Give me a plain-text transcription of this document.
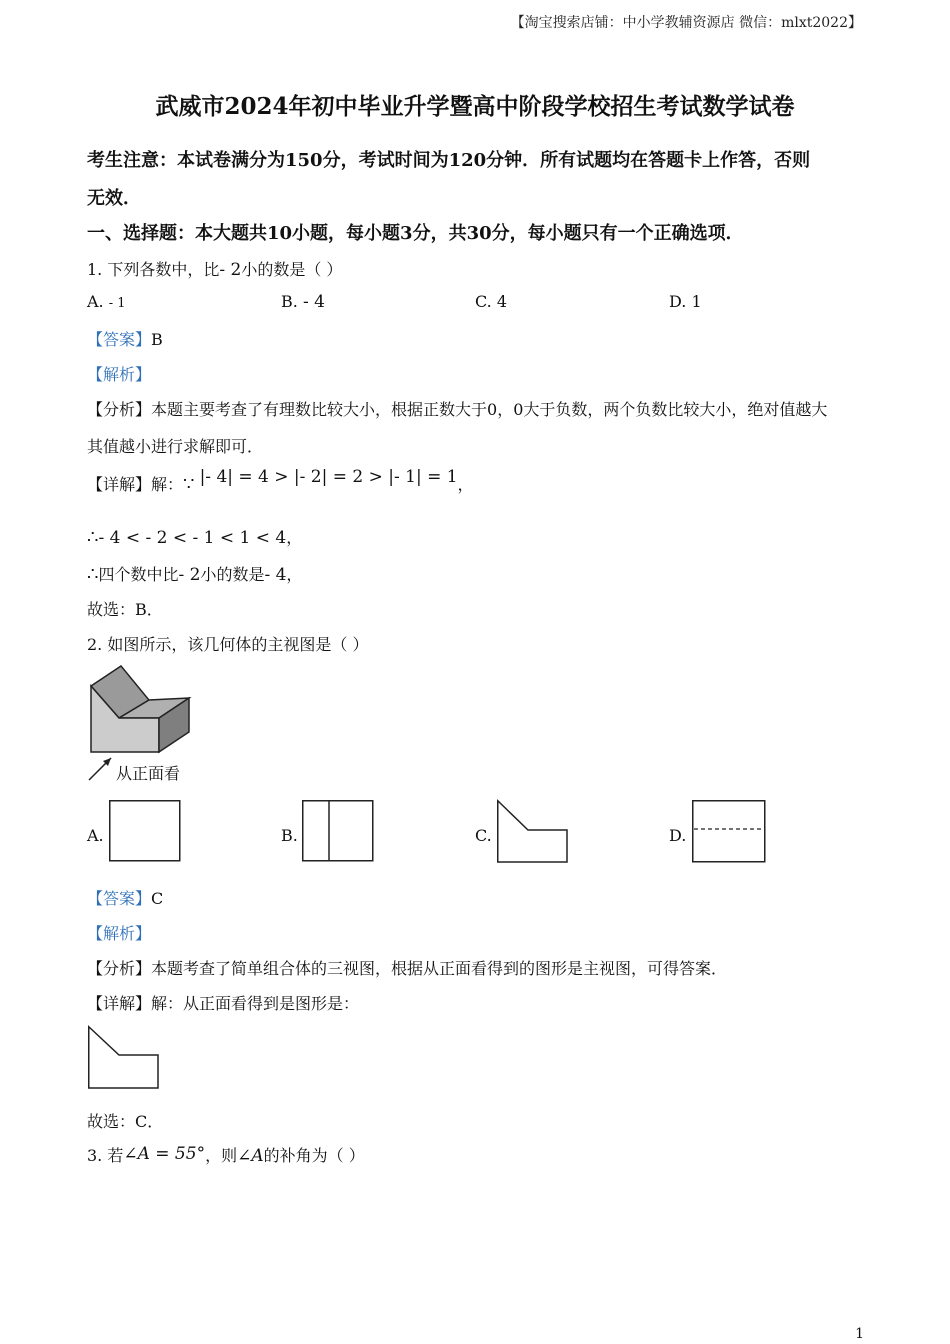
【淘宝搜索店铺：中小学教辅资源店 微信：mlxt2022】
武威市2024年初中毕业升学暨高中阶段学校招生考试数学试卷
考生注意：本试卷满分为150分，考试时间为120分钟．所有试题均在答题卡上作答，否则
无效．
一、选择题：本大题共10小题，每小题3分，共30分，每小题只有一个正确选项．
1. 下列各数中，比- 2小的数是（ ）
A. - 1	B. - 4	C. 4	D. 1
【答案】B
【解析】
【分析】本题主要考查了有理数比较大小，根据正数大于0，0大于负数，两个负数比较大小，绝对值越大
其值越小进行求解即可．
【详解】解：∵ |- 4| = 4 > |- 2| = 2 > |- 1| = 1，
∴- 4 < - 2 < - 1 < 1 < 4，
∴四个数中比- 2小的数是- 4，
故选：B．
2. 如图所示，该几何体的主视图是（ ）
从正面看
A.	B.	C.	D.
【答案】C
【解析】
【分析】本题考查了简单组合体的三视图，根据从正面看得到的图形是主视图，可得答案．
【详解】解：从正面看得到是图形是：
故选：C．
3. 若∠A = 55°，则∠A的补角为（ ）
1
